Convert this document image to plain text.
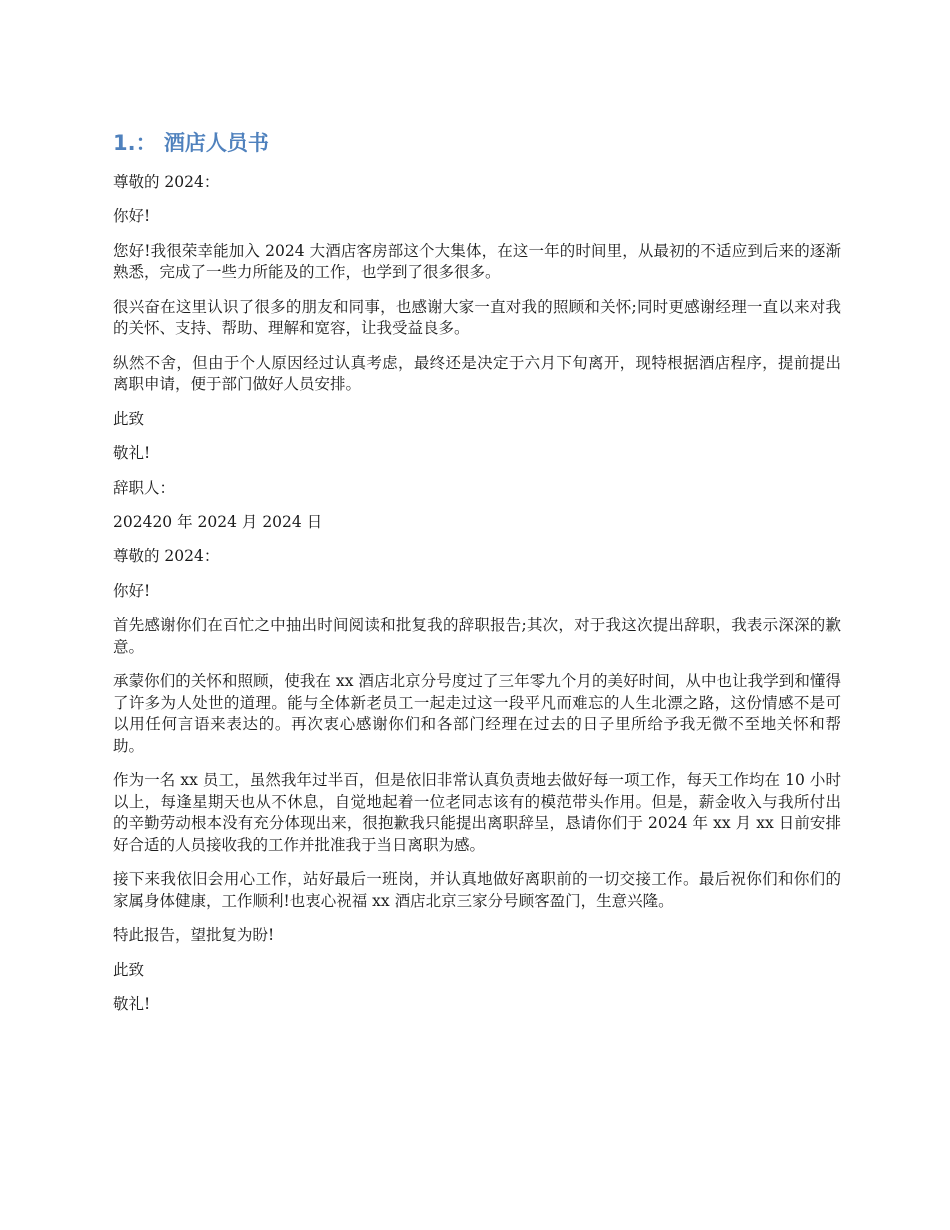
1.： 酒店人员书

尊敬的 2024：

你好!

您好!我很荣幸能加入 2024 大酒店客房部这个大集体，在这一年的时间里，从最初的不适应到后来的逐渐熟悉，完成了一些力所能及的工作，也学到了很多很多。

很兴奋在这里认识了很多的朋友和同事，也感谢大家一直对我的照顾和关怀;同时更感谢经理一直以来对我的关怀、支持、帮助、理解和宽容，让我受益良多。

纵然不舍，但由于个人原因经过认真考虑，最终还是决定于六月下旬离开，现特根据酒店程序，提前提出离职申请，便于部门做好人员安排。

此致

敬礼!

辞职人：

202420 年 2024 月 2024 日

尊敬的 2024：

你好!

首先感谢你们在百忙之中抽出时间阅读和批复我的辞职报告;其次，对于我这次提出辞职，我表示深深的歉意。

承蒙你们的关怀和照顾，使我在 xx 酒店北京分号度过了三年零九个月的美好时间，从中也让我学到和懂得了许多为人处世的道理。能与全体新老员工一起走过这一段平凡而难忘的人生北漂之路，这份情感不是可以用任何言语来表达的。再次衷心感谢你们和各部门经理在过去的日子里所给予我无微不至地关怀和帮助。

作为一名 xx 员工，虽然我年过半百，但是依旧非常认真负责地去做好每一项工作，每天工作均在 10 小时以上，每逢星期天也从不休息，自觉地起着一位老同志该有的模范带头作用。但是，薪金收入与我所付出的辛勤劳动根本没有充分体现出来，很抱歉我只能提出离职辞呈，恳请你们于 2024 年 xx 月 xx 日前安排好合适的人员接收我的工作并批准我于当日离职为感。

接下来我依旧会用心工作，站好最后一班岗，并认真地做好离职前的一切交接工作。最后祝你们和你们的家属身体健康，工作顺利!也衷心祝福 xx 酒店北京三家分号顾客盈门，生意兴隆。

特此报告，望批复为盼!

此致

敬礼!
